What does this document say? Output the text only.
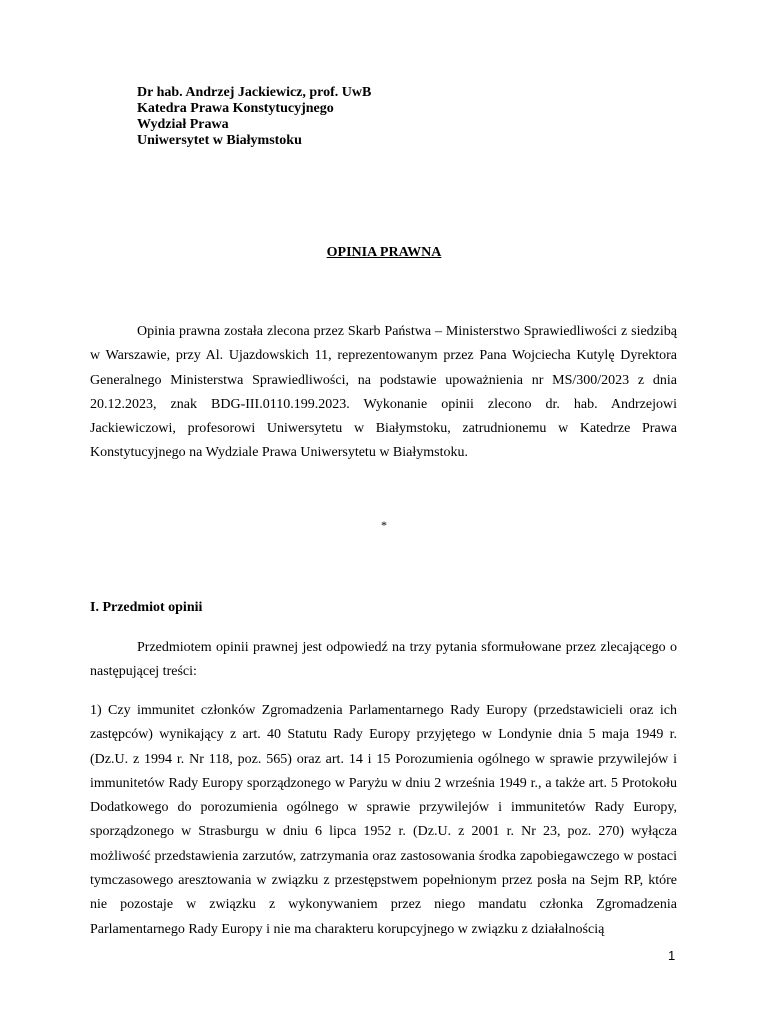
Dr hab. Andrzej Jackiewicz, prof. UwB
Katedra Prawa Konstytucyjnego
Wydział Prawa
Uniwersytet w Białymstoku
OPINIA PRAWNA

Opinia prawna została zlecona przez Skarb Państwa – Ministerstwo Sprawiedliwości z siedzibą w Warszawie, przy Al. Ujazdowskich 11, reprezentowanym przez Pana Wojciecha Kutylę Dyrektora Generalnego Ministerstwa Sprawiedliwości, na podstawie upoważnienia nr MS/300/2023 z dnia 20.12.2023, znak BDG-III.0110.199.2023. Wykonanie opinii zlecono dr. hab. Andrzejowi Jackiewiczowi, profesorowi Uniwersytetu w Białymstoku, zatrudnionemu w Katedrze Prawa Konstytucyjnego na Wydziale Prawa Uniwersytetu w Białymstoku.

*
I. Przedmiot opinii

Przedmiotem opinii prawnej jest odpowiedź na trzy pytania sformułowane przez zlecającego o następującej treści:

1) Czy immunitet członków Zgromadzenia Parlamentarnego Rady Europy (przedstawicieli oraz ich zastępców) wynikający z art. 40 Statutu Rady Europy przyjętego w Londynie dnia 5 maja 1949 r. (Dz.U. z 1994 r. Nr 118, poz. 565) oraz art. 14 i 15 Porozumienia ogólnego w sprawie przywilejów i immunitetów Rady Europy sporządzonego w Paryżu w dniu 2 września 1949 r., a także art. 5 Protokołu Dodatkowego do porozumienia ogólnego w sprawie przywilejów i immunitetów Rady Europy, sporządzonego w Strasburgu w dniu 6 lipca 1952 r. (Dz.U. z 2001 r. Nr 23, poz. 270) wyłącza możliwość przedstawienia zarzutów, zatrzymania oraz zastosowania środka zapobiegawczego w postaci tymczasowego aresztowania w związku z przestępstwem popełnionym przez posła na Sejm RP, które nie pozostaje w związku z wykonywaniem przez niego mandatu członka Zgromadzenia Parlamentarnego Rady Europy i nie ma charakteru korupcyjnego w związku z działalnością

1
